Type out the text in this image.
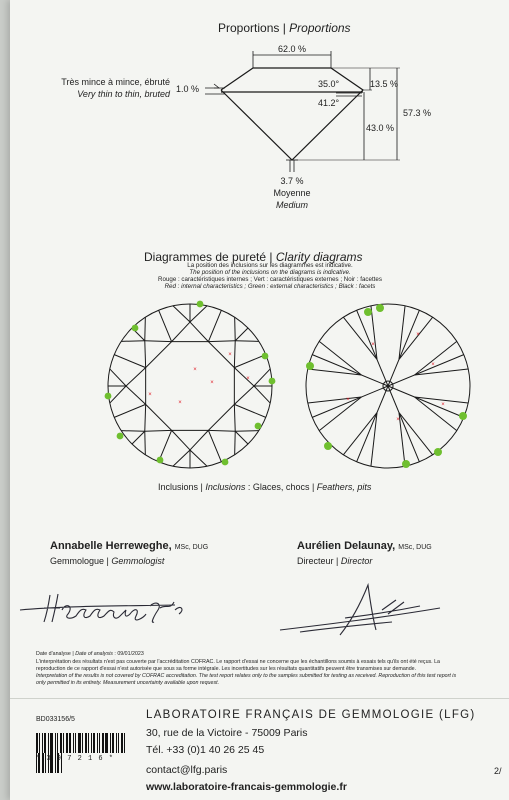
Proportions | Proportions
62.0 %
35.0°
41.2°
13.5 %
43.0 %
57.3 %
1.0 %
Très mince à mince, ébruté
Very thin to thin, bruted
3.7 %
Moyenne
Medium
Diagrammes de pureté | Clarity diagrams
La position des inclusions sur les diagrammes est indicative.
The position of the inclusions on the diagrams is indicative.
Rouge : caractéristiques internes ; Vert : caractéristiques externes ; Noir : facettes
Red : internal characteristics ; Green : external characteristics ; Black : facets
×
×
×
×
×
×
×
×
×
×
×
×
Inclusions | Inclusions : Glaces, chocs | Feathers, pits
Annabelle Herreweghe, MSc, DUG
Gemmologue | Gemmologist
Aurélien Delaunay, MSc, DUG
Directeur | Director
Date d'analyse | Date of analysis : 09/01/2023
L'interprétation des résultats n'est pas couverte par l'accréditation COFRAC. Le rapport d'essai ne concerne que les échantillons soumis à essais tels qu'ils ont été reçus. La
reproduction de ce rapport d'essai n'est autorisée que sous sa forme intégrale. Les incertitudes sur les résultats quantitatifs peuvent être transmises sur demande.
Interpretation of the results is not covered by COFRAC accreditation. The test report relates only to the samples submitted for testing as received. Reproduction of this test report is
only permitted in its entirety. Measurement uncertainty available upon request.
BD033156/5
* 3 9 7 2 1 6 *
LABORATOIRE FRANÇAIS DE GEMMOLOGIE (LFG)
30, rue de la Victoire - 75009 Paris
Tél. +33 (0)1 40 26 25 45
contact@lfg.paris
www.laboratoire-francais-gemmologie.fr
2/
